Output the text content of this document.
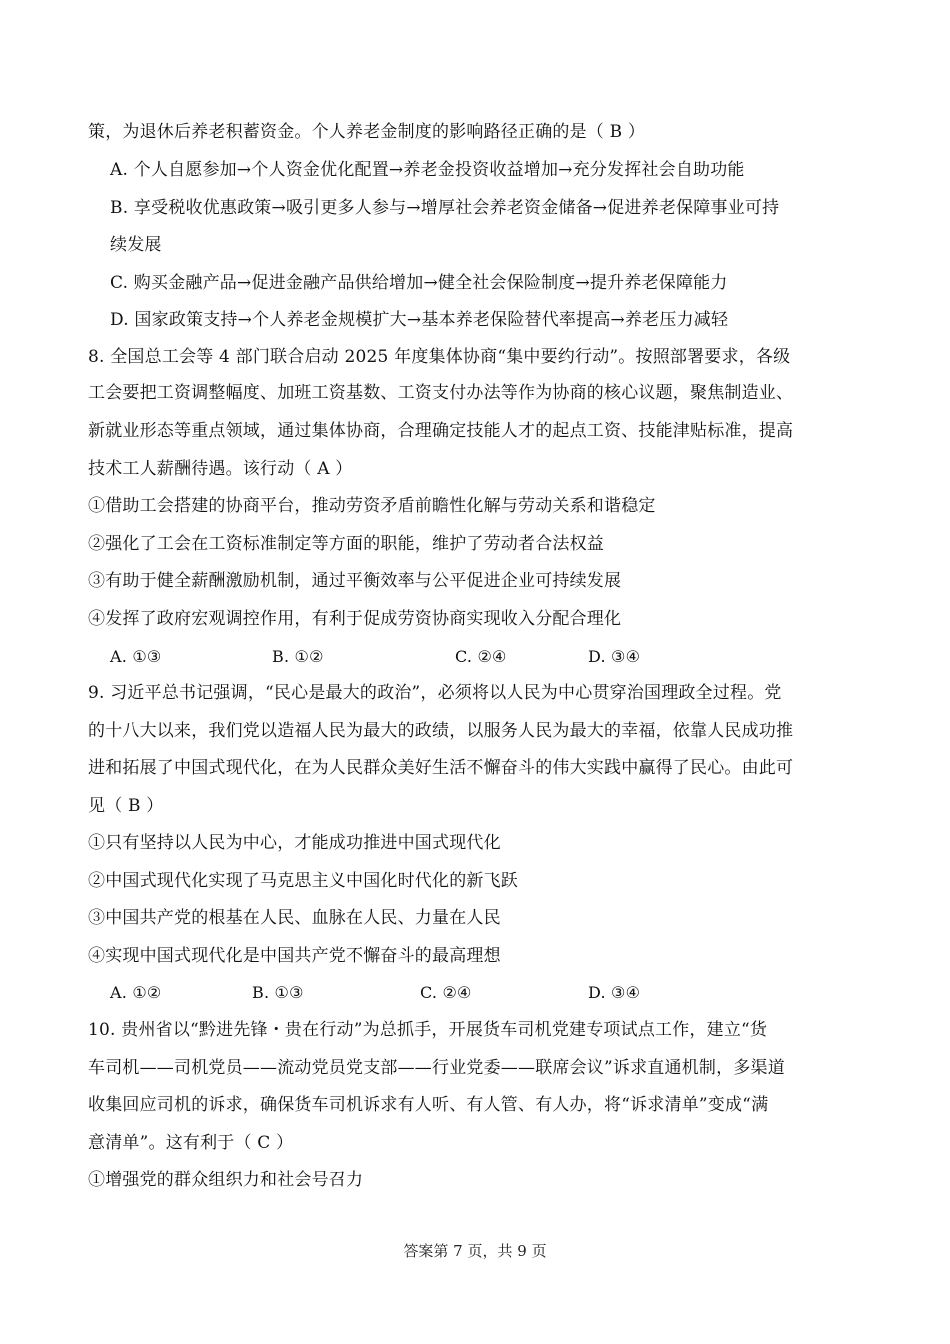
策，为退休后养老积蓄资金。个人养老金制度的影响路径正确的是（ B ）
A. 个人自愿参加→个人资金优化配置→养老金投资收益增加→充分发挥社会自助功能
B. 享受税收优惠政策→吸引更多人参与→增厚社会养老资金储备→促进养老保障事业可持
续发展
C. 购买金融产品→促进金融产品供给增加→健全社会保险制度→提升养老保障能力
D. 国家政策支持→个人养老金规模扩大→基本养老保险替代率提高→养老压力减轻
8. 全国总工会等 4 部门联合启动 2025 年度集体协商“集中要约行动”。按照部署要求，各级
工会要把工资调整幅度、加班工资基数、工资支付办法等作为协商的核心议题，聚焦制造业、
新就业形态等重点领域，通过集体协商，合理确定技能人才的起点工资、技能津贴标准，提高
技术工人薪酬待遇。该行动（ A ）
①借助工会搭建的协商平台，推动劳资矛盾前瞻性化解与劳动关系和谐稳定
②强化了工会在工资标准制定等方面的职能，维护了劳动者合法权益
③有助于健全薪酬激励机制，通过平衡效率与公平促进企业可持续发展
④发挥了政府宏观调控作用，有利于促成劳资协商实现收入分配合理化
A. ①③	B. ①②	C. ②④	D. ③④
9. 习近平总书记强调，“民心是最大的政治”，必须将以人民为中心贯穿治国理政全过程。党
的十八大以来，我们党以造福人民为最大的政绩，以服务人民为最大的幸福，依靠人民成功推
进和拓展了中国式现代化，在为人民群众美好生活不懈奋斗的伟大实践中赢得了民心。由此可
见（ B ）
①只有坚持以人民为中心，才能成功推进中国式现代化
②中国式现代化实现了马克思主义中国化时代化的新飞跃
③中国共产党的根基在人民、血脉在人民、力量在人民
④实现中国式现代化是中国共产党不懈奋斗的最高理想
A. ①②	B. ①③	C. ②④	D. ③④
10. 贵州省以“黔进先锋・贵在行动”为总抓手，开展货车司机党建专项试点工作，建立“货
车司机——司机党员——流动党员党支部——行业党委——联席会议”诉求直通机制，多渠道
收集回应司机的诉求，确保货车司机诉求有人听、有人管、有人办，将“诉求清单”变成“满
意清单”。这有利于（ C ）
①增强党的群众组织力和社会号召力
答案第 7 页，共 9 页
